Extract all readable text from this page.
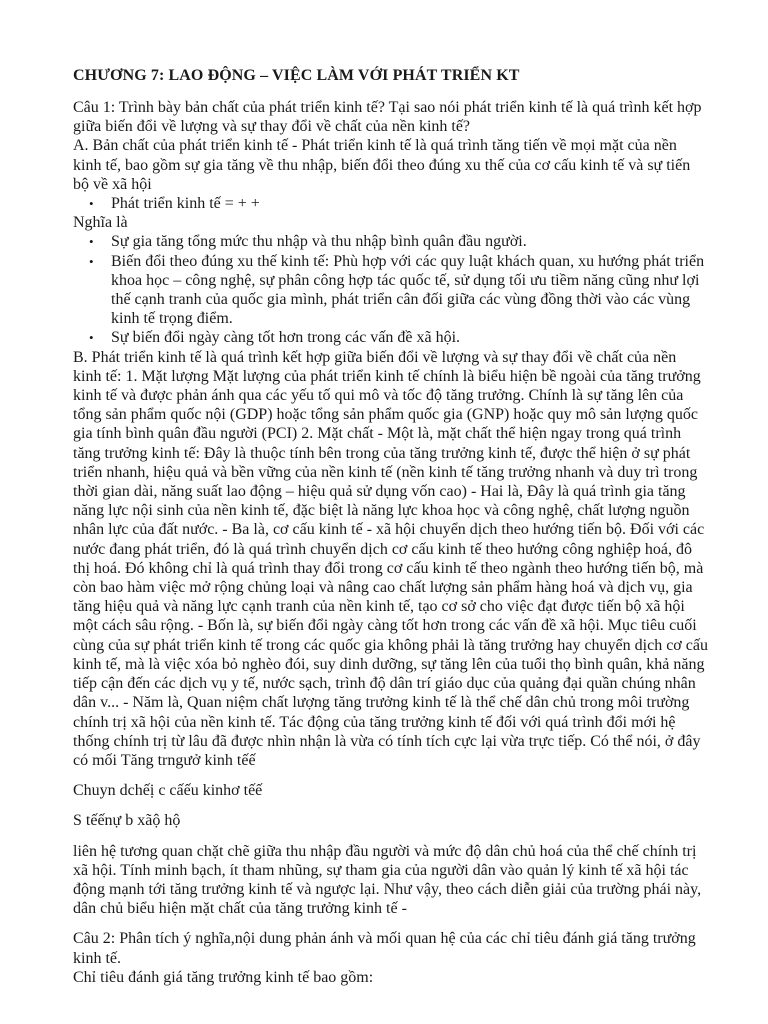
CHƯƠNG 7: LAO ĐỘNG – VIỆC LÀM VỚI PHÁT TRIỂN KT

Câu 1: Trình bày bản chất của phát triển kinh tế? Tại sao nói phát triển kinh tế là quá trình kết hợp giữa biến đổi về lượng và sự thay đổi về chất của nền kinh tế?

A. Bản chất của phát triển kinh tế - Phát triển kinh tế là quá trình tăng tiến về mọi mặt của nền kinh tế, bao gồm sự gia tăng về thu nhập, biến đổi theo đúng xu thế của cơ cấu kinh tế và sự tiến bộ về xã hội

• Phát triển kinh tế = + +

Nghĩa là

• Sự gia tăng tổng mức thu nhập và thu nhập bình quân đầu người.
• Biến đổi theo đúng xu thế kinh tế: Phù hợp với các quy luật khách quan, xu hướng phát triển khoa học – công nghệ, sự phân công hợp tác quốc tế, sử dụng tối ưu tiềm năng cũng như lợi thế cạnh tranh của quốc gia mình, phát triển cân đối giữa các vùng đồng thời vào các vùng kinh tế trọng điểm.
• Sự biến đổi ngày càng tốt hơn trong các vấn đề xã hội.

B. Phát triển kinh tế là quá trình kết hợp giữa biến đổi về lượng và sự thay đổi về chất của nền kinh tế: 1. Mặt lượng Mặt lượng của phát triển kinh tế chính là biểu hiện bề ngoài của tăng trưởng kinh tế và được phản ánh qua các yếu tố qui mô và tốc độ tăng trưởng. Chính là sự tăng lên của tổng sản phẩm quốc nội (GDP) hoặc tổng sản phẩm quốc gia (GNP) hoặc quy mô sản lượng quốc gia tính bình quân đầu người (PCI) 2. Mặt chất - Một là, mặt chất thể hiện ngay trong quá trình tăng trưởng kinh tế: Đây là thuộc tính bên trong của tăng trưởng kinh tế, được thể hiện ở sự phát triển nhanh, hiệu quả và bền vững của nền kinh tế (nền kinh tế tăng trưởng nhanh và duy trì trong thời gian dài, năng suất lao động – hiệu quả sử dụng vốn cao) - Hai là, Đây là quá trình gia tăng năng lực nội sinh của nền kinh tế, đặc biệt là năng lực khoa học và công nghệ, chất lượng nguồn nhân lực của đất nước. - Ba là, cơ cấu kinh tế - xã hội chuyển dịch theo hướng tiến bộ. Đối với các nước đang phát triển, đó là quá trình chuyển dịch cơ cấu kinh tế theo hướng công nghiệp hoá, đô thị hoá. Đó không chỉ là quá trình thay đổi trong cơ cấu kinh tế theo ngành theo hướng tiến bộ, mà còn bao hàm việc mở rộng chủng loại và nâng cao chất lượng sản phẩm hàng hoá và dịch vụ, gia tăng hiệu quả và năng lực cạnh tranh của nền kinh tế, tạo cơ sở cho việc đạt được tiến bộ xã hội một cách sâu rộng. - Bốn là, sự biến đổi ngày càng tốt hơn trong các vấn đề xã hội. Mục tiêu cuối cùng của sự phát triển kinh tế trong các quốc gia không phải là tăng trưởng hay chuyển dịch cơ cấu kinh tế, mà là việc xóa bỏ nghèo đói, suy dinh dưỡng, sự tăng lên của tuổi thọ bình quân, khả năng tiếp cận đến các dịch vụ y tế, nước sạch, trình độ dân trí giáo dục của quảng đại quần chúng nhân dân v... - Năm là, Quan niệm chất lượng tăng trưởng kinh tế là thể chế dân chủ trong môi trường chính trị xã hội của nền kinh tế. Tác động của tăng trưởng kinh tế đối với quá trình đổi mới hệ thống chính trị từ lâu đã được nhìn nhận là vừa có tính tích cực lại vừa trực tiếp. Có thể nói, ở đây có mối Tăng trngưở kinh tếế

Chuyn dchếị c cấếu kinhơ tếế

S tếếnự b xãộ hộ

liên hệ tương quan chặt chẽ giữa thu nhập đầu người và mức độ dân chủ hoá của thể chế chính trị xã hội. Tính minh bạch, ít tham nhũng, sự tham gia của người dân vào quản lý kinh tế xã hội tác động mạnh tới tăng trưởng kinh tế và ngược lại. Như vậy, theo cách diễn giải của trường phái này, dân chủ biểu hiện mặt chất của tăng trưởng kinh tế -

Câu 2: Phân tích ý nghĩa,nội dung phản ánh và mối quan hệ của các chỉ tiêu đánh giá tăng trưởng kinh tế.

Chỉ tiêu đánh giá tăng trưởng kinh tế bao gồm:
